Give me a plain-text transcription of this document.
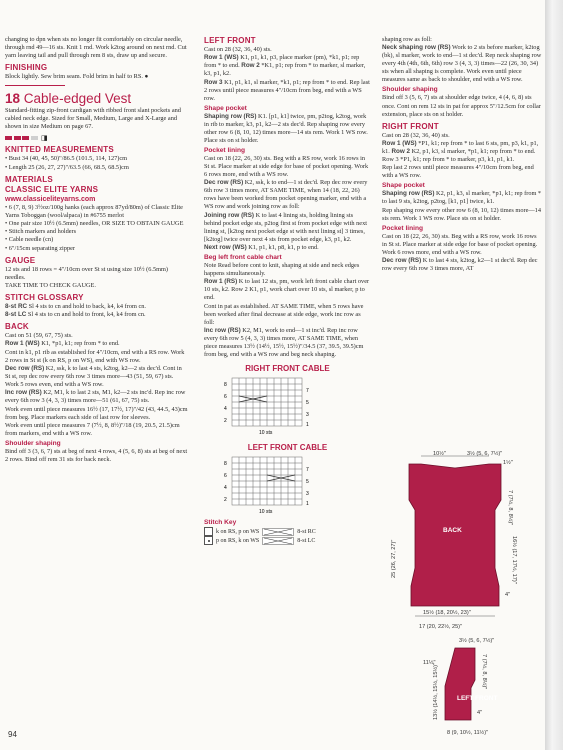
changing to dpn when sts no longer fit comfortably on circular needle, through rnd 49—16 sts. Knit 1 rnd. Work k2tog around on next rnd. Cut yarn leaving tail and pull through rem 8 sts, draw up and secure.

FINISHING

Block lightly. Sew brim seam. Fold brim in half to RS. ●

18 Cable-edged Vest

Standard-fitting zip-front cardigan with ribbed front slant pockets and cabled neck edge. Sized for Small, Medium, Large and X-Large and shown in size Medium on page 67.

◨
KNITTED MEASUREMENTS

• Bust 34 (40, 45, 50)"/86.5 (101.5, 114, 127)cm

• Length 25 (26, 27, 27)"/63.5 (66, 68.5, 68.5)cm

MATERIALS
CLASSIC ELITE YARNS
www.classiceliteyarns.com

• 6 (7, 8, 9) 3½oz/100g hanks (each approx 87yd/80m) of Classic Elite Yarns Toboggan (wool/alpaca) in #6755 merlot

• One pair size 10½ (6.5mm) needles, OR SIZE TO OBTAIN GAUGE

• Stitch markers and holders

• Cable needle (cn)

• 6"/15cm separating zipper

GAUGE

12 sts and 18 rows = 4"/10cm over St st using size 10½ (6.5mm) needles.

TAKE TIME TO CHECK GAUGE.

STITCH GLOSSARY

8-st RC Sl 4 sts to cn and hold to back, k4, k4 from cn.

8-st LC Sl 4 sts to cn and hold to front, k4, k4 from cn.

BACK

Cast on 51 (59, 67, 75) sts.

Row 1 (WS) K1, *p1, k1; rep from * to end.

Cont in k1, p1 rib as established for 4"/10cm, end with a RS row. Work 2 rows in St st (k on RS, p on WS), end with WS row.

Dec row (RS) K2, ssk, k to last 4 sts, k2tog, k2—2 sts dec'd. Cont in St st, rep dec row every 6th row 3 times more—43 (51, 59, 67) sts. Work 5 rows even, end with a WS row.

Inc row (RS) K2, M1, k to last 2 sts, M1, k2—2 sts inc'd. Rep inc row every 6th row 3 (4, 3, 3) times more—51 (61, 67, 75) sts.

Work even until piece measures 16½ (17, 17½, 17)"/42 (43, 44.5, 43)cm from beg. Place markers each side of last row for sleeves.

Work even until piece measures 7 (7½, 8, 8½)"/18 (19, 20.5, 21.5)cm from markers, end with a WS row.

Shoulder shaping

Bind off 3 (3, 6, 7) sts at beg of next 4 rows, 4 (5, 6, 8) sts at beg of next 2 rows. Bind off rem 31 sts for back neck.

LEFT FRONT

Cast on 28 (32, 36, 40) sts.

Row 1 (WS) K1, p1, k1, p3, place marker (pm), *k1, p1; rep from * to end. Row 2 *K1, p1; rep from * to marker, sl marker, k3, p1, k2.

Row 3 K1, p1, k1, sl marker, *k1, p1; rep from * to end. Rep last 2 rows until piece measures 4"/10cm from beg, end with a WS row.

Shape pocket

Shaping row (RS) K1. [p1, k1] twice, pm, p2tog, k2tog, work in rib to marker, k3, p1, k2—2 sts dec'd. Rep shaping row every other row 6 (8, 10, 12) times more—14 sts rem. Work 1 WS row. Place sts on st holder.

Pocket lining

Cast on 18 (22, 26, 30) sts. Beg with a RS row, work 16 rows in St st. Place marker at side edge for base of pocket opening. Work 6 rows more, end with a WS row.

Dec row (RS) K2, ssk, k to end—1 st dec'd. Rep dec row every 6th row 3 times more, AT SAME TIME, when 14 (18, 22, 26) rows have been worked from pocket opening marker, end with a WS row and work joining row as foll:

Joining row (RS) K to last 4 lining sts, holding lining sts behind pocket edge sts, p2tog first st from pocket edge with next lining st, [k2tog next pocket edge st with next lining st] 3 times, [k2tog] twice over next 4 sts from pocket edge, k3, p1, k2.

Next row (WS) K1, p1, k1, p8, k1, p to end.

Beg left front cable chart

Note Read before cont to knit, shaping at side and neck edges happens simultaneously.

Row 1 (RS) K to last 12 sts, pm, work left front cable chart over 10 sts, k2. Row 2 K1, p1, work chart over 10 sts, sl marker, p to end.

Cont in pat as established. AT SAME TIME, when 5 rows have been worked after final decrease at side edge, work inc row as foll:

Inc row (RS) K2, M1, work to end—1 st inc'd. Rep inc row every 6th row 5 (4, 3, 3) times more, AT SAME TIME, when piece measures 13½ (14½, 15½, 15½)"/34.5 (37, 39.5, 39.5)cm from beg, end with a WS row and beg neck shaping.

RIGHT FRONT CABLE
8
6
4
2
7
5
3
1
10 sts
LEFT FRONT CABLE
8
6
4
2
7
5
3
1
10 sts
Stitch Key
k on RS, p on WS	8-st RC
p on RS, k on WS	8-st LC

shaping row as foll:

Neck shaping row (RS) Work to 2 sts before marker, k2tog (bk), sl marker, work to end—1 st dec'd. Rep neck shaping row every 4th (4th, 6th, 6th) row 3 (4, 3, 3) times—22 (26, 30, 34) sts when all shaping is complete. Work even until piece measures same as back to shoulder, end with a WS row.

Shoulder shaping

Bind off 3 (5, 6, 7) sts at shoulder edge twice, 4 (4, 6, 8) sts once. Cont on rem 12 sts in pat for approx 5"/12.5cm for collar extension, place sts on st holder.

RIGHT FRONT

Cast on 28 (32, 36, 40) sts.

Row 1 (WS) *P1, k1; rep from * to last 6 sts, pm, p3, k1, p1, k1. Row 2 K2, p1, k3, sl marker, *p1, k1; rep from * to end. Row 3 *P1, k1; rep from * to marker, p3, k1, p1, k1.

Rep last 2 rows until piece measures 4"/10cm from beg, end with a WS row.

Shape pocket

Shaping row (RS) K2, p1, k3, sl marker, *p1, k1; rep from * to last 9 sts, k2tog, p2tog, [k1, p1] twice, k1.

Rep shaping row every other row 6 (8, 10, 12) times more—14 sts rem. Work 1 WS row. Place sts on st holder.

Pocket lining

Cast on 18 (22, 26, 30) sts. Beg with a RS row, work 16 rows in St st. Place marker at side edge for base of pocket opening. Work 6 rows more, end with a WS row.

Dec row (RS) K to last 4 sts, k2tog, k2—1 st dec'd. Rep dec row every 6th row 3 times more, AT

BACK
10½"	3½ (5, 6, 7½)"
1½"
7 (7½, 8, 8½)"
16½ (17, 17½, 17)"
25 (26, 27, 27)"
4"
15½ (18, 20½, 23)"
17 (20, 22½, 25)"
3½ (5, 6, 7½)"
LEFT FRONT
11½"	7 (7½, 8, 8½)"
13½ (14½, 15½, 15½)"	4"
8 (9, 10½, 11½)"
94
